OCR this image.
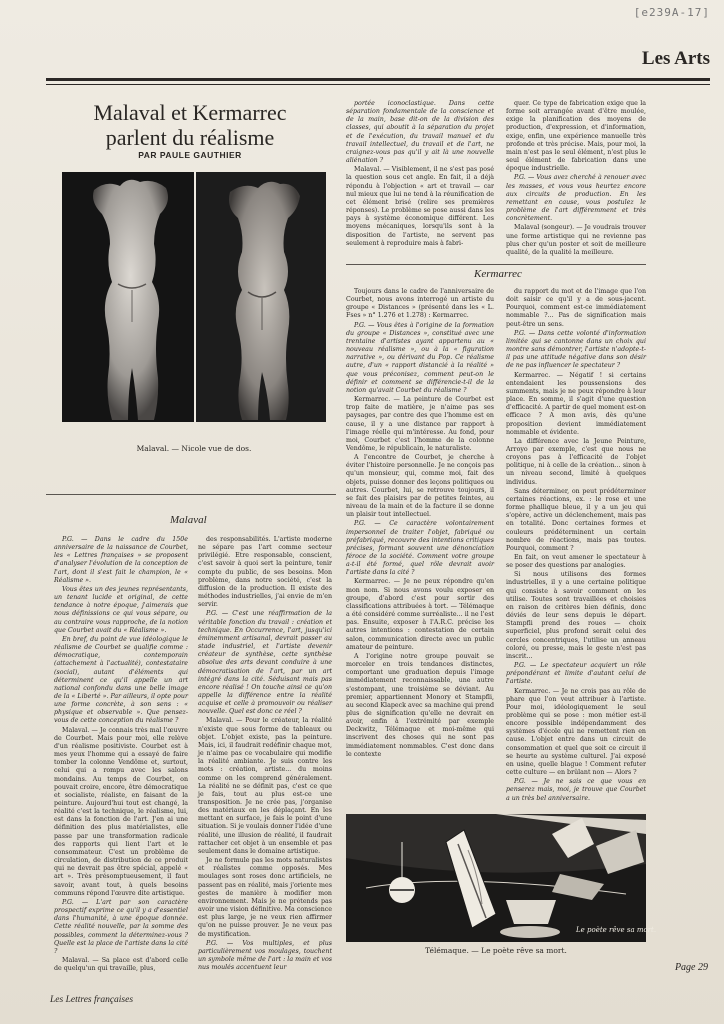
[e239A-17]
Les Arts
Malaval et Kermarrec
parlent du réalisme
PAR PAULE GAUTHIER
Malaval. — Nicole vue de dos.
Malaval

P.G. — Dans le cadre du 150e anniversaire de la naissance de Courbet, les « Lettres françaises » se proposent d'analyser l'évolution de la conception de l'art, dont il s'est fait le champion, le « Réalisme ».

Vous êtes un des jeunes représentants, un tenant lucide et original, de cette tendance à notre époque, j'aimerais que nous définissions ce qui vous sépare, ou au contraire vous rapproche, de la notion que Courbet avait du « Réalisme ».

En bref, du point de vue idéologique le réalisme de Courbet se qualifie comme : démocratique, contemporain (attachement à l'actualité), contestataire (social), autant d'éléments qui déterminent ce qu'il appelle un art national confondu dans une belle image de la « Liberté ». Par ailleurs, il opte pour une forme concrète, à son sens : « physique et observable ». Que pensez-vous de cette conception du réalisme ?

Malaval. — Je connais très mal l'œuvre de Courbet. Mais pour moi, elle relève d'un réalisme positiviste. Courbet est à mes yeux l'homme qui a essayé de faire tomber la colonne Vendôme et, surtout, celui qui a rompu avec les salons mondains. Au temps de Courbet, on pouvait croire, encore, être démocratique et socialiste, réaliste, en faisant de la peinture. Aujourd'hui tout est changé, la réalité c'est la technique, le réalisme, lui, est dans la fonction de l'art. J'en ai une définition des plus matérialistes, elle passe par une transformation radicale des rapports qui lient l'art et le consommateur. C'est un problème de circulation, de distribution de ce produit qui ne devrait pas être spécial, appelé « art ». Très présomptueusement, il faut savoir, avant tout, à quels besoins communs répond l'œuvre dite artistique.

P.G. — L'art par son caractère prospectif exprime ce qu'il y a d'essentiel dans l'humanité, à une époque donnée. Cette réalité nouvelle, par la somme des possibles, comment la déterminez-vous ? Quelle est la place de l'artiste dans la cité ?

Malaval. — Sa place est d'abord celle de quelqu'un qui travaille, plus,

des responsabilités. L'artiste moderne ne sépare pas l'art comme secteur privilégié. Etre responsable, conscient, c'est savoir à quoi sert la peinture, tenir compte du public, de ses besoins. Mon problème, dans notre société, c'est la diffusion de la production. Il existe des méthodes industrielles, j'ai envie de m'en servir.

P.G. — C'est une réaffirmation de la véritable fonction du travail : création et technique. En Occurrence, l'art, jusqu'ici éminemment artisanal, devrait passer au stade industriel, et l'artiste devenir créateur de synthèse, cette synthèse absolue des arts devant conduire à une démocratisation de l'art, par un art intégré dans la cité. Séduisant mais pas encore réalisé ! On touche ainsi ce qu'on appelle la différence entre la réalité acquise et celle à promouvoir ou réaliser nouvelle. Quel est donc ce réel ?

Malaval. — Pour le créateur, la réalité n'existe que sous forme de tableaux ou objet. L'objet existe, pas la peinture. Mais, ici, il faudrait redéfinir chaque mot, je n'aime pas ce vocabulaire qui modifie la réalité ambiante. Je suis contre les mots : création, artiste... du moins comme on les comprend généralement. La réalité ne se définit pas, c'est ce que je fais, tout au plus est-ce une transposition. Je ne crée pas, j'organise des matériaux en les déplaçant. En les mettant en surface, je fais le point d'une situation. Si je voulais donner l'idée d'une réalité, une illusion de réalité, il faudrait rattacher cet objet à un ensemble et pas seulement dans le domaine artistique.

Je ne formule pas les mots naturalistes et réalistes comme opposés. Mes moulages sont roses donc artificiels, ne passent pas en réalité, mais j'oriente mes gestes de manière à modifier mon environnement. Mais je ne prétends pas avoir une vision définitive. Ma conscience est plus large, je ne veux rien affirmer qu'on ne puisse prouver. Je ne veux pas de mystification.

P.G. — Vos multiples, et plus particulièrement vos moulages, touchent un symbole même de l'art : la main et vos nus moulés accentuent leur

portée iconoclastique. Dans cette séparation fondamentale de la conscience et de la main, base dit-on de la division des classes, qui aboutit à la séparation du projet et de l'exécution, du travail manuel et du travail intellectuel, du travail et de l'art, ne craignez-vous pas qu'il y ait là une nouvelle aliénation ?

Malaval. — Visiblement, il ne s'est pas posé la question sous cet angle. En fait, il a déjà répondu à l'objection « art et travail — car nul mieux que lui ne tend à la réunification de cet élément brisé (relire ses premières réponses). Le problème se pose aussi dans les pays à système économique différent. Les moyens mécaniques, lorsqu'ils sont à la disposition de l'artiste, ne servent pas seulement à reproduire mais à fabri-

quer. Ce type de fabrication exige que la forme soit arrangée avant d'être moulée, exige la planification des moyens de production, d'expression, et d'information, exige, enfin, une expérience manuelle très profonde et très précise. Mais, pour moi, la main n'est pas le seul élément, n'est plus le seul élément de fabrication dans une époque industrielle.

P.G. — Vous avez cherché à renouer avec les masses, et vous vous heurtez encore aux circuits de production. En les remettant en cause, vous postulez le problème de l'art différemment et très concrètement.

Malaval (songeur). — Je voudrais trouver une forme artistique qui ne revienne pas plus cher qu'un poster et soit de meilleure qualité, de la qualité la meilleure.

Kermarrec

Toujours dans le cadre de l'anniversaire de Courbet, nous avons interrogé un artiste du groupe « Distances » (présenté dans les « L. Fses » n° 1.276 et 1.278) : Kermarrec.

P.G. — Vous êtes à l'origine de la formation du groupe « Distances », constitué avec une trentaine d'artistes ayant appartenu au « nouveau réalisme », ou à la « figuration narrative », ou dérivant du Pop. Ce réalisme autre, d'un « rapport distancié à la réalité » que vous préconisez, comment peut-on le définir et comment se différencie-t-il de la notion qu'avait Courbet du réalisme ?

Kermarrec. — La peinture de Courbet est trop faite de matière, je n'aime pas ses paysages, par contre des que l'homme est en cause, il y a une distance par rapport à l'image réelle qui m'intéresse. Au fond, pour moi, Courbet c'est l'homme de la colonne Vendôme, le républicain, le naturaliste.

A l'encontre de Courbet, je cherche à éviter l'histoire personnelle. Je ne conçois pas qu'un monsieur, qui, comme moi, fait des objets, puisse donner des leçons politiques ou autres. Courbet, lui, se retrouve toujours, il se fait des plaisirs par de petites feintes, au niveau de la main et de la facture il se donne un plaisir tout intellectuel.

P.G. — Ce caractère volontairement impersonnel de traiter l'objet, fabriqué ou préfabriqué, recouvre des intentions critiques précises, formant souvent une dénonciation féroce de la société. Comment votre groupe a-t-il été formé, quel rôle devrait avoir l'artiste dans la cité ?

Kermarrec. — Je ne peux répondre qu'en mon nom. Si nous avons voulu exposer en groupe, d'abord c'est pour sortir des classifications attribuées à tort. — Télémaque a été considéré comme surréaliste... il ne l'est pas. Ensuite, exposer à l'A.R.C. précise les autres intentions : contestation de certain salon, communication directe avec un public amateur de peinture.

A l'origine notre groupe pouvait se morceler en trois tendances distinctes, comportant une graduation depuis l'image immédiatement reconnaissable, une autre s'estompant, une troisième se déviant. Au premier, appartiennent Monory et Stampfli, au second Klapeck avec sa machine qui prend plus de signification qu'elle ne devrait en avoir, enfin à l'extrémité par exemple Deckwitz, Télémaque et moi-même qui inscrivent des choses qui ne sont pas immédiatement nommables. C'est donc dans le contexte

du rapport du mot et de l'image que l'on doit saisir ce qu'il y a de sous-jacent. Pourquoi, comment est-ce immédiatement nommable ?... Pas de signification mais peut-être un sens.

P.G. — Dans cette volonté d'information limitée qui se cantonne dans un choix qui montre sans démontrer, l'artiste n'adopte-t-il pas une attitude négative dans son désir de ne pas influencer le spectateur ?

Kermarrec. — Négatif ! si certains entendaient les poussensions des summents, mais je ne peux répondre à leur place. En somme, il s'agit d'une question d'efficacité. A partir de quel moment est-on efficace ? A mon avis, dès qu'une proposition devient immédiatement nommable et évidente.

La différence avec la Jeune Peinture, Arroyo par exemple, c'est que nous ne croyons pas à l'efficacité de l'objet politique, ni à celle de la création... sinon à un niveau second, limité à quelques individus.

Sans déterminer, on peut prédéterminer certaines réactions, ex. : le rose et une forme phallique bleue, il y a un jeu qui s'opère, active un déclenchement, mais pas en totalité. Donc certaines formes et couleurs prédéterminent un certain nombre de réactions, mais pas toutes. Pourquoi, comment ?

En fait, on veut amener le spectateur à se poser des questions par analogies.

Si nous utilisons des formes industrielles, il y a une certaine politique qui consiste à savoir comment on les utilise. Toutes sont travaillées et choisies en raison de critères bien définis, donc déviés de leur sens depuis le départ. Stampfli prend des roues — choix superficiel, plus profond serait celui des cercles concentriques, l'utilise un anneau coloré, ou presse, mais le geste n'est pas inscrit...

P.G. — Le spectateur acquiert un rôle prépondérant et limite d'autant celui de l'artiste.

Kermarrec. — Je ne crois pas au rôle de phare que l'on veut attribuer à l'artiste. Pour moi, idéologiquement le seul problème qui se pose : mon métier est-il encore possible indépendamment des systèmes d'école qui ne remettent rien en cause. L'objet entre dans un circuit de consommation et quel que soit ce circuit il se heurte au système culturel. J'ai exposé en usine, quelle blague ! Comment refuter cette culture — en brûlant non — Alors ?

P.G. — Je ne sais ce que vous en penserez mais, moi, je trouve que Courbet a un très bel anniversaire.

Le poète rêve sa mort.
Télémaque. — Le poète rêve sa mort.
Les Lettres françaises
Page 29
